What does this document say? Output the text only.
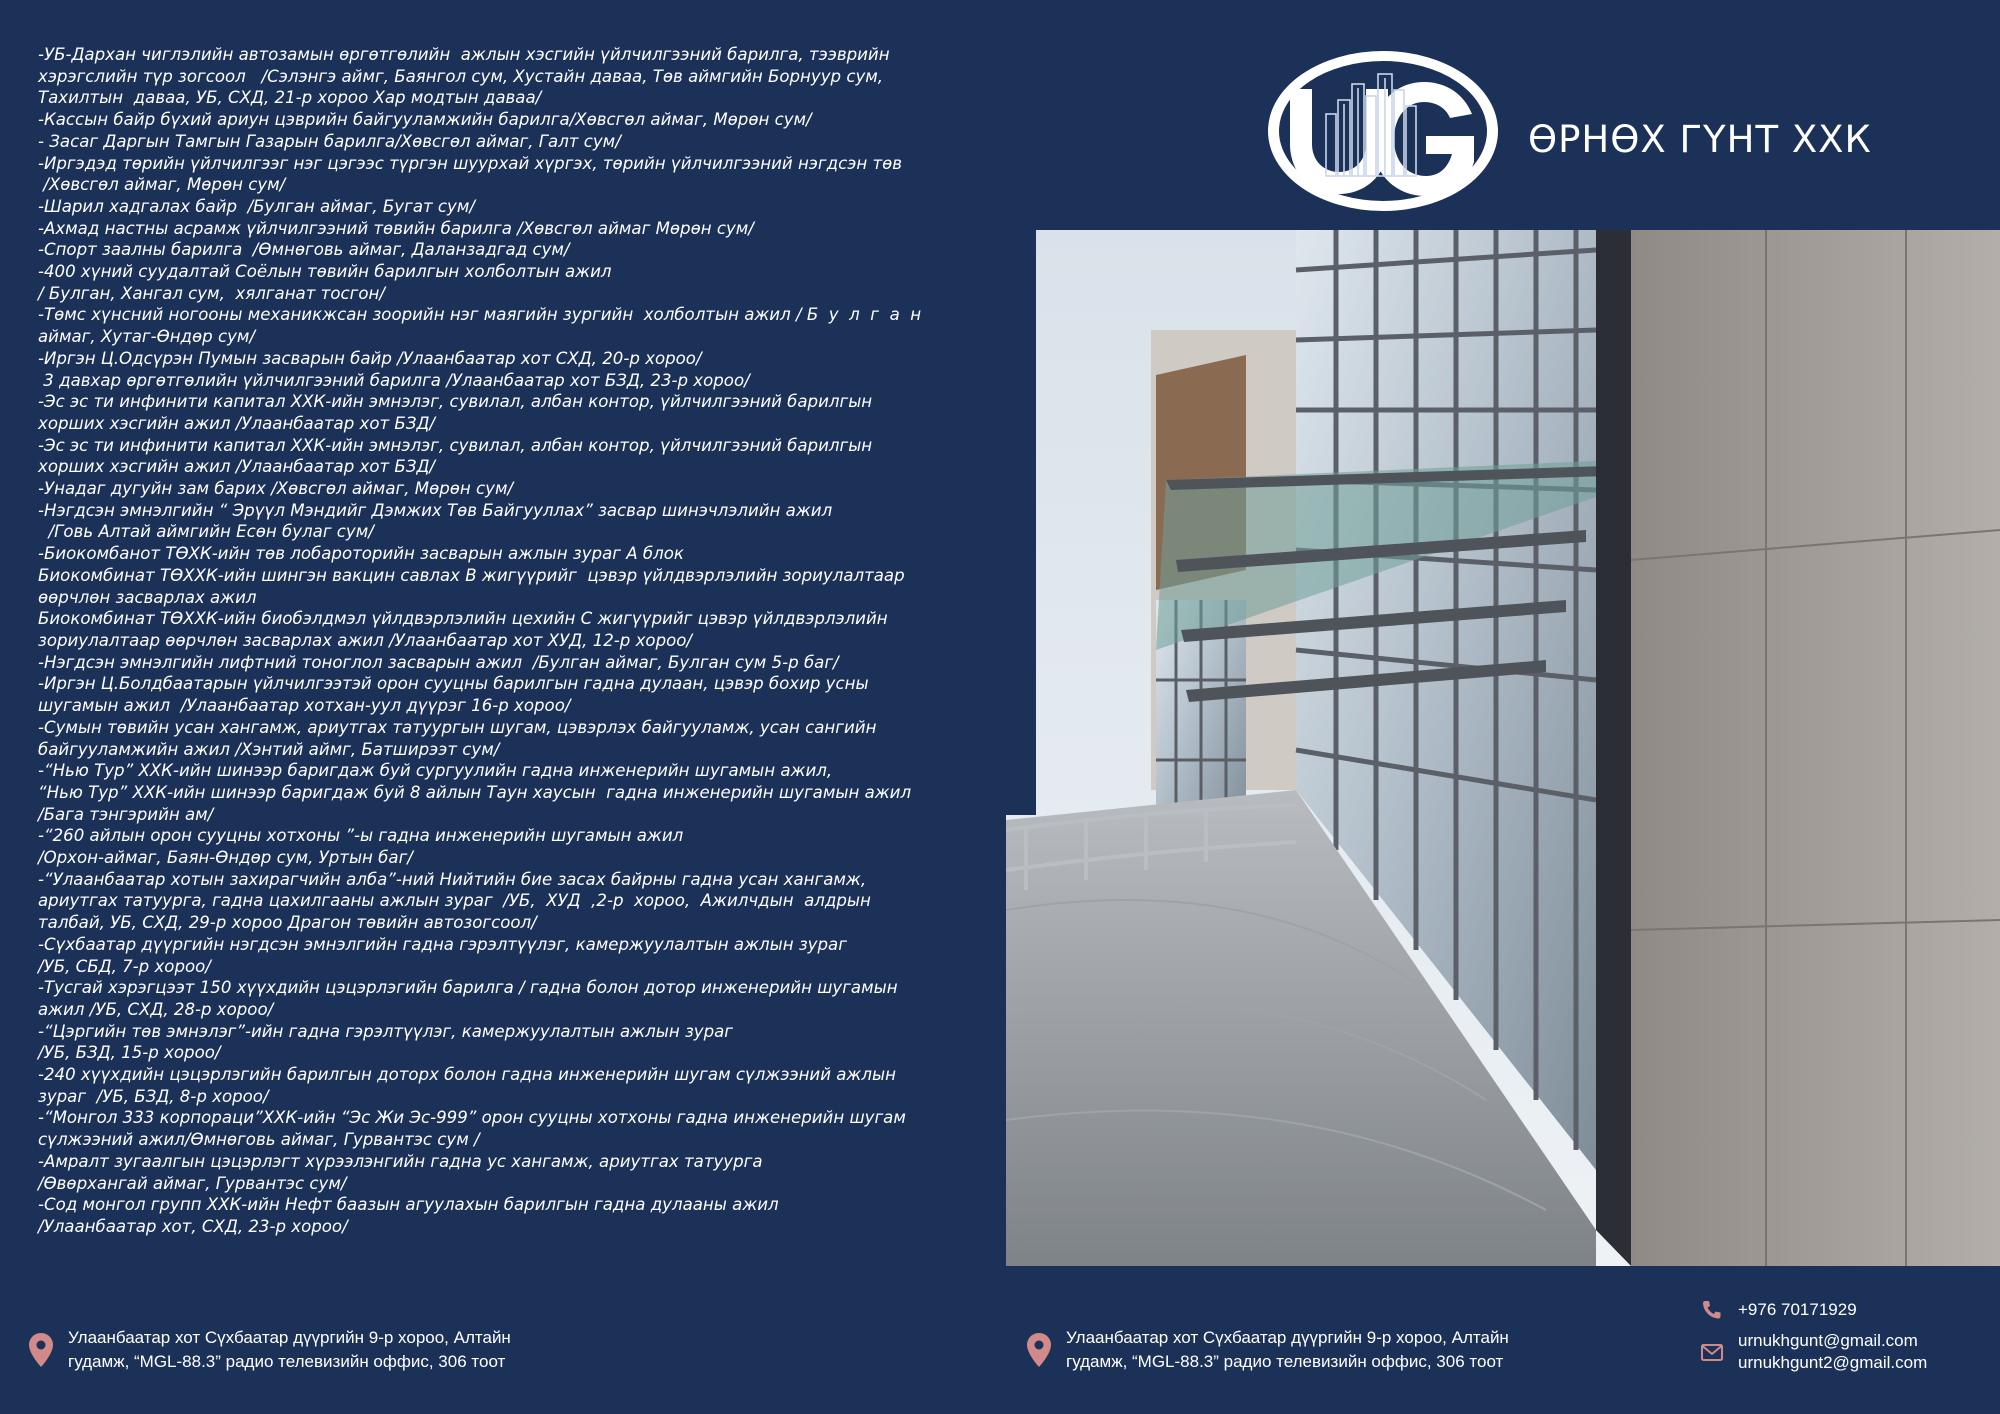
-УБ-Дархан чиглэлийн автозамын өргөтгөлийн  ажлын хэсгийн үйлчилгээний барилга, тээврийн
хэрэгслийн түр зогсоол   /Сэлэнгэ аймг, Баянгол сум, Хустайн даваа, Төв аймгийн Борнуур сум,
Тахилтын  даваа, УБ, СХД, 21-р хороо Хар модтын даваа/
-Кассын байр бүхий ариун цэврийн байгууламжийн барилга/Хөвсгөл аймаг, Мөрөн сум/
- Засаг Даргын Тамгын Газарын барилга/Хөвсгөл аймаг, Галт сум/
-Иргэдэд төрийн үйлчилгээг нэг цэгээс түргэн шуурхай хүргэх, төрийн үйлчилгээний нэгдсэн төв
/Хөвсгөл аймаг, Мөрөн сум/
-Шарил хадгалах байр  /Булган аймаг, Бугат сум/
-Ахмад настны асрамж үйлчилгээний төвийн барилга /Хөвсгөл аймаг Мөрөн сум/
-Спорт заалны барилга  /Өмнөговь аймаг, Даланзадгад сум/
-400 хүний суудалтай Соёлын төвийн барилгын холболтын ажил
/ Булган, Хангал сум,  хялганат тосгон/
-Төмс хүнсний ногооны механикжсан зоорийн нэг маягийн зургийн  холболтын ажил / Б  у  л  г  а  н
аймаг, Хутаг-Өндөр сум/
-Иргэн Ц.Одсүрэн Пумын засварын байр /Улаанбаатар хот СХД, 20-р хороо/
3 давхар өргөтгөлийн үйлчилгээний барилга /Улаанбаатар хот БЗД, 23-р хороо/
-Эс эс ти инфинити капитал ХХК-ийн эмнэлэг, сувилал, албан контор, үйлчилгээний барилгын
хорших хэсгийн ажил /Улаанбаатар хот БЗД/
-Эс эс ти инфинити капитал ХХК-ийн эмнэлэг, сувилал, албан контор, үйлчилгээний барилгын
хорших хэсгийн ажил /Улаанбаатар хот БЗД/
-Унадаг дугуйн зам барих /Хөвсгөл аймаг, Мөрөн сум/
-Нэгдсэн эмнэлгийн “ Эрүүл Мэндийг Дэмжих Төв Байгууллах” засвар шинэчлэлийн ажил
/Говь Алтай аймгийн Есөн булаг сум/
-Биокомбанот ТӨХК-ийн төв лобароторийн засварын ажлын зураг А блок
Биокомбинат ТӨХХК-ийн шингэн вакцин савлах В жигүүрийг  цэвэр үйлдвэрлэлийн зориулалтаар
өөрчлөн засварлах ажил
Биокомбинат ТӨХХК-ийн биобэлдмэл үйлдвэрлэлийн цехийн С жигүүрийг цэвэр үйлдвэрлэлийн
зориулалтаар өөрчлөн засварлах ажил /Улаанбаатар хот ХУД, 12-р хороо/
-Нэгдсэн эмнэлгийн лифтний тоноглол засварын ажил  /Булган аймаг, Булган сум 5-р баг/
-Иргэн Ц.Болдбаатарын үйлчилгээтэй орон сууцны барилгын гадна дулаан, цэвэр бохир усны
шугамын ажил  /Улаанбаатар хотхан-уул дүүрэг 16-р хороо/
-Сумын төвийн усан хангамж, ариутгах татуургын шугам, цэвэрлэх байгууламж, усан сангийн
байгууламжийн ажил /Хэнтий аймг, Батширээт сум/
-“Нью Тур” ХХК-ийн шинээр баригдаж буй сургуулийн гадна инженерийн шугамын ажил,
“Нью Тур” ХХК-ийн шинээр баригдаж буй 8 айлын Таун хаусын  гадна инженерийн шугамын ажил
/Бага тэнгэрийн ам/
-“260 айлын орон сууцны хотхоны ”-ы гадна инженерийн шугамын ажил
/Орхон-аймаг, Баян-Өндөр сум, Уртын баг/
-“Улаанбаатар хотын захирагчийн алба”-ний Нийтийн бие засах байрны гадна усан хангамж,
ариутгах татуурга, гадна цахилгааны ажлын зураг  /УБ,  ХУД  ,2-р  хороо,  Ажилчдын  алдрын
талбай, УБ, СХД, 29-р хороо Драгон төвийн автозогсоол/
-Сүхбаатар дүүргийн нэгдсэн эмнэлгийн гадна гэрэлтүүлэг, камержуулалтын ажлын зураг
/УБ, СБД, 7-р хороо/
-Тусгай хэрэгцээт 150 хүүхдийн цэцэрлэгийн барилга / гадна болон дотор инженерийн шугамын
ажил /УБ, СХД, 28-р хороо/
-“Цэргийн төв эмнэлэг”-ийн гадна гэрэлтүүлэг, камержуулалтын ажлын зураг
/УБ, БЗД, 15-р хороо/
-240 хүүхдийн цэцэрлэгийн барилгын доторх болон гадна инженерийн шугам сүлжээний ажлын
зураг  /УБ, БЗД, 8-р хороо/
-“Монгол 333 корпораци”ХХК-ийн “Эс Жи Эс-999” орон сууцны хотхоны гадна инженерийн шугам
сүлжээний ажил/Өмнөговь аймаг, Гурвантэс сум /
-Амралт зугаалгын цэцэрлэгт хүрээлэнгийн гадна ус хангамж, ариутгах татуурга
/Өвөрхангай аймаг, Гурвантэс сум/
-Сод монгол групп ХХК-ийн Нефт баазын агуулахын барилгын гадна дулааны ажил
/Улаанбаатар хот, СХД, 23-р хороо/
Улаанбаатар хот Сүхбаатар дүүргийн 9-р хороо, Алтайн
гудамж, “MGL-88.3” радио телевизийн оффис, 306 тоот
ӨРНӨХ ГҮНТ ХХК
Улаанбаатар хот Сүхбаатар дүүргийн 9-р хороо, Алтайн
гудамж, “MGL-88.3” радио телевизийн оффис, 306 тоот
+976 70171929
urnukhgunt@gmail.com
urnukhgunt2@gmail.com
